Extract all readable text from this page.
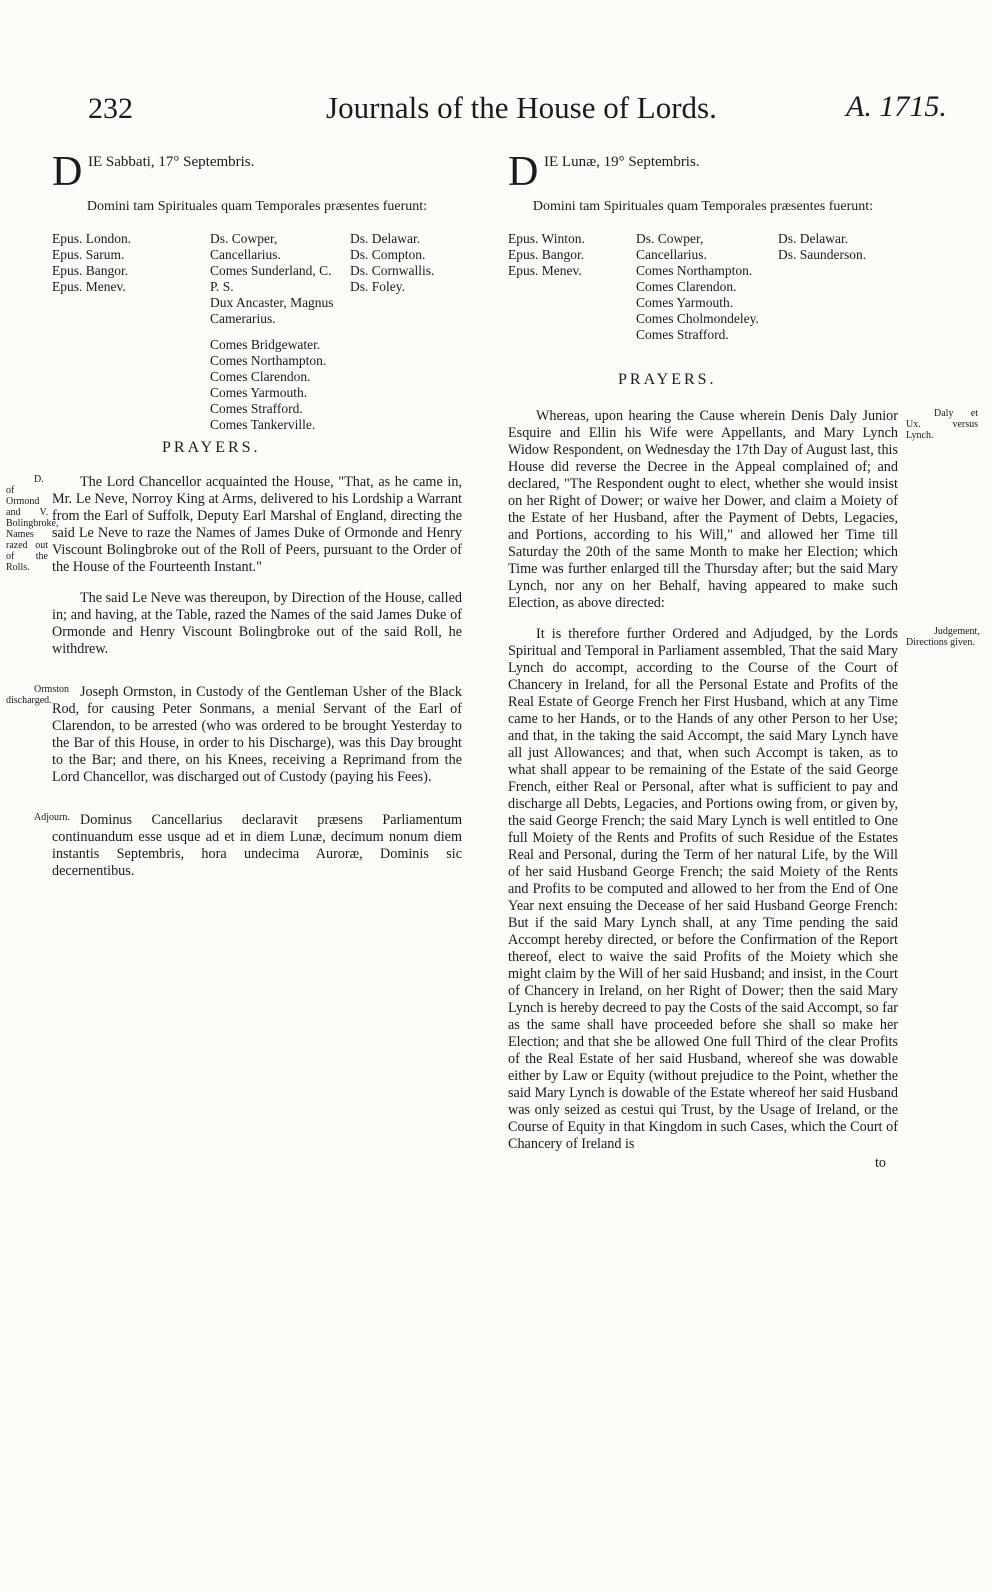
232	Journals of the House of Lords.	A. 1715.
D IE Sabbati, 17° Septembris.
Domini tam Spirituales quam Temporales præsentes fuerunt:
Epus. London.
Epus. Sarum.
Epus. Bangor.
Epus. Menev.
Ds. Cowper, Cancellarius.
Comes Sunderland, C. P. S.
Dux Ancaster, Magnus Camerarius.
Comes Bridgewater.
Comes Northampton.
Comes Clarendon.
Comes Yarmouth.
Comes Strafford.
Comes Tankerville.
Ds. Delawar.
Ds. Compton.
Ds. Cornwallis.
Ds. Foley.
PRAYERS.
D. of Ormond and V. Bolingbroke, Names razed out of the Rolls.
The Lord Chancellor acquainted the House, "That, as he came in, Mr. Le Neve, Norroy King at Arms, delivered to his Lordship a Warrant from the Earl of Suffolk, Deputy Earl Marshal of England, directing the said Le Neve to raze the Names of James Duke of Ormonde and Henry Viscount Bolingbroke out of the Roll of Peers, pursuant to the Order of the House of the Fourteenth Instant."
The said Le Neve was thereupon, by Direction of the House, called in; and having, at the Table, razed the Names of the said James Duke of Ormonde and Henry Viscount Bolingbroke out of the said Roll, he withdrew.
Ormston discharged.
Joseph Ormston, in Custody of the Gentleman Usher of the Black Rod, for causing Peter Sonmans, a menial Servant of the Earl of Clarendon, to be arrested (who was ordered to be brought Yesterday to the Bar of this House, in order to his Discharge), was this Day brought to the Bar; and there, on his Knees, receiving a Reprimand from the Lord Chancellor, was discharged out of Custody (paying his Fees).
Adjourn. Dominus Cancellarius declaravit præsens Parliamentum continuandum esse usque ad et in diem Lunæ, decimum nonum diem instantis Septembris, hora undecima Auroræ, Dominis sic decernentibus.
D IE Lunæ, 19° Septembris.
Domini tam Spirituales quam Temporales præsentes fuerunt:
Epus. Winton.
Epus. Bangor.
Epus. Menev.
Ds. Cowper, Cancellarius.
Comes Northampton.
Comes Clarendon.
Comes Yarmouth.
Comes Cholmondeley.
Comes Strafford.
Ds. Delawar.
Ds. Saunderson.
PRAYERS.
Daly et Ux. versus Lynch.
Whereas, upon hearing the Cause wherein Denis Daly Junior Esquire and Ellin his Wife were Appellants, and Mary Lynch Widow Respondent, on Wednesday the 17th Day of August last, this House did reverse the Decree in the Appeal complained of; and declared, "The Respondent ought to elect, whether she would insist on her Right of Dower; or waive her Dower, and claim a Moiety of the Estate of her Husband, after the Payment of Debts, Legacies, and Portions, according to his Will," and allowed her Time till Saturday the 20th of the same Month to make her Election; which Time was further enlarged till the Thursday after; but the said Mary Lynch, nor any on her Behalf, having appeared to make such Election, as above directed:
Judgement, Directions given.
It is therefore further Ordered and Adjudged, by the Lords Spiritual and Temporal in Parliament assembled, That the said Mary Lynch do accompt, according to the Course of the Court of Chancery in Ireland, for all the Personal Estate and Profits of the Real Estate of George French her First Husband, which at any Time came to her Hands, or to the Hands of any other Person to her Use; and that, in the taking the said Accompt, the said Mary Lynch have all just Allowances; and that, when such Accompt is taken, as to what shall appear to be remaining of the Estate of the said George French, either Real or Personal, after what is sufficient to pay and discharge all Debts, Legacies, and Portions owing from, or given by, the said George French; the said Mary Lynch is well entitled to One full Moiety of the Rents and Profits of such Residue of the Estates Real and Personal, during the Term of her natural Life, by the Will of her said Husband George French; the said Moiety of the Rents and Profits to be computed and allowed to her from the End of One Year next ensuing the Decease of her said Husband George French: But if the said Mary Lynch shall, at any Time pending the said Accompt hereby directed, or before the Confirmation of the Report thereof, elect to waive the said Profits of the Moiety which she might claim by the Will of her said Husband; and insist, in the Court of Chancery in Ireland, on her Right of Dower; then the said Mary Lynch is hereby decreed to pay the Costs of the said Accompt, so far as the same shall have proceeded before she shall so make her Election; and that she be allowed One full Third of the clear Profits of the Real Estate of her said Husband, whereof she was dowable either by Law or Equity (without prejudice to the Point, whether the said Mary Lynch is dowable of the Estate whereof her said Husband was only seized as cestui qui Trust, by the Usage of Ireland, or the Course of Equity in that Kingdom in such Cases, which the Court of Chancery of Ireland is
to
